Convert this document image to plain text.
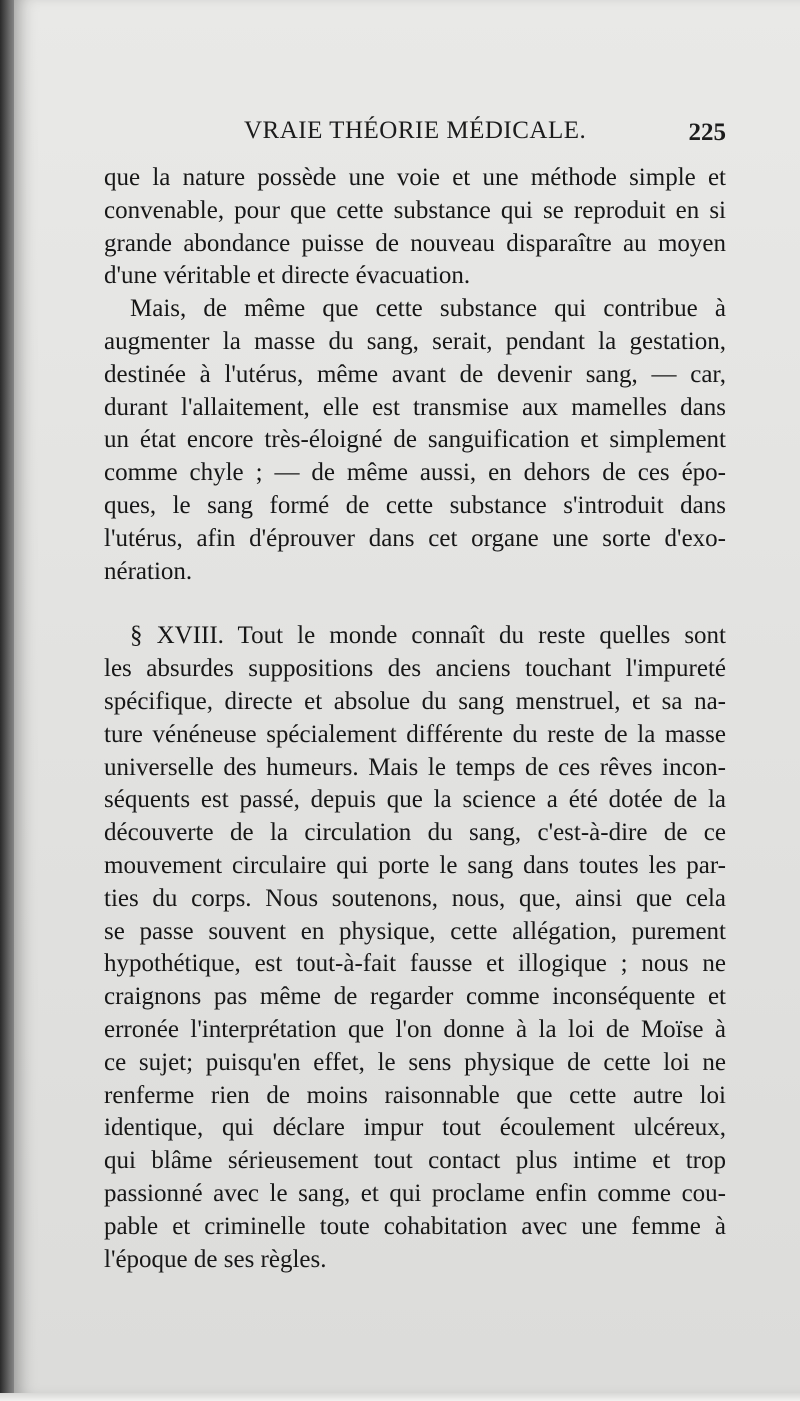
VRAIE THÉORIE MÉDICALE.	225
que la nature possède une voie et une méthode simple et
convenable, pour que cette substance qui se reproduit en si
grande abondance puisse de nouveau disparaître au moyen
d'une véritable et directe évacuation.
Mais, de même que cette substance qui contribue à
augmenter la masse du sang, serait, pendant la gestation,
destinée à l'utérus, même avant de devenir sang, — car,
durant l'allaitement, elle est transmise aux mamelles dans
un état encore très-éloigné de sanguification et simplement
comme chyle ; — de même aussi, en dehors de ces épo-
ques, le sang formé de cette substance s'introduit dans
l'utérus, afin d'éprouver dans cet organe une sorte d'exo-
nération.
§ XVIII. Tout le monde connaît du reste quelles sont
les absurdes suppositions des anciens touchant l'impureté
spécifique, directe et absolue du sang menstruel, et sa na-
ture vénéneuse spécialement différente du reste de la masse
universelle des humeurs. Mais le temps de ces rêves incon-
séquents est passé, depuis que la science a été dotée de la
découverte de la circulation du sang, c'est-à-dire de ce
mouvement circulaire qui porte le sang dans toutes les par-
ties du corps. Nous soutenons, nous, que, ainsi que cela
se passe souvent en physique, cette allégation, purement
hypothétique, est tout-à-fait fausse et illogique ; nous ne
craignons pas même de regarder comme inconséquente et
erronée l'interprétation que l'on donne à la loi de Moïse à
ce sujet; puisqu'en effet, le sens physique de cette loi ne
renferme rien de moins raisonnable que cette autre loi
identique, qui déclare impur tout écoulement ulcéreux,
qui blâme sérieusement tout contact plus intime et trop
passionné avec le sang, et qui proclame enfin comme cou-
pable et criminelle toute cohabitation avec une femme à
l'époque de ses règles.
